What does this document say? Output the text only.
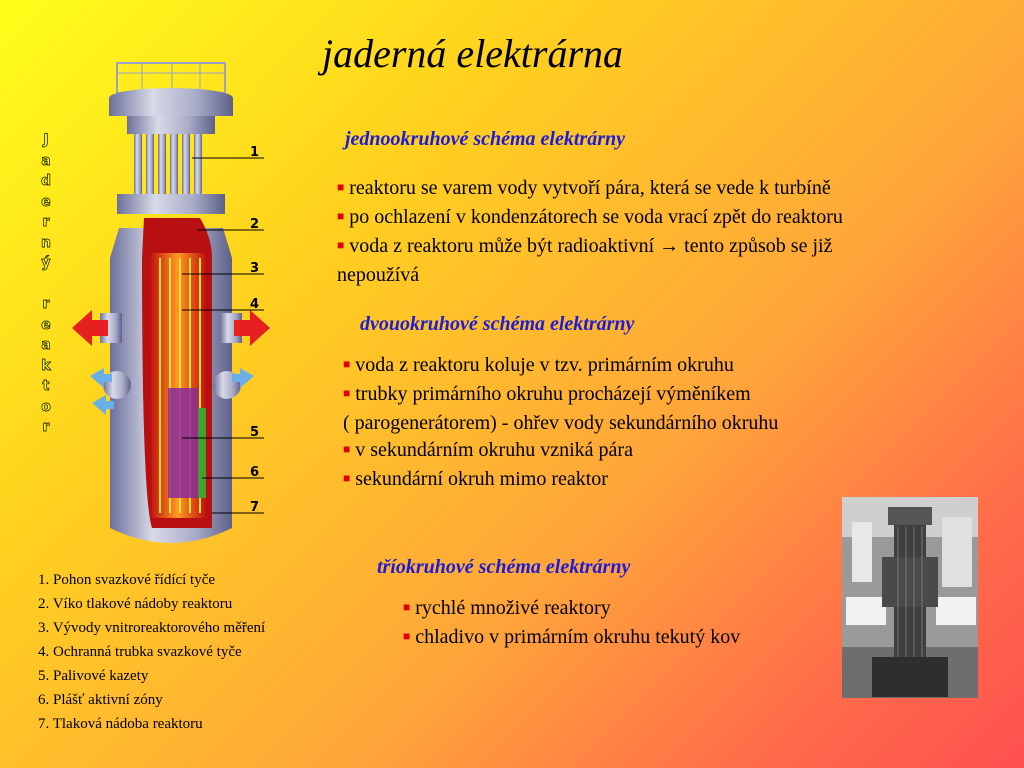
jaderná elektrárna
J
a
d
e
r
n
ý

r
e
a
k
t
o
r
1
2
3
4
5
6
7
jednookruhové schéma elektrárny
■ reaktoru se varem vody vytvoří pára, která se vede k turbíně
■ po ochlazení v kondenzátorech se voda vrací zpět do reaktoru
■ voda z reaktoru může být radioaktivní → tento způsob se již
nepoužívá
dvouokruhové schéma elektrárny
■ voda z reaktoru koluje v tzv. primárním okruhu
■ trubky primárního okruhu procházejí výměníkem
( parogenerátorem) - ohřev vody sekundárního okruhu
■ v sekundárním okruhu vzniká pára
■ sekundární okruh mimo reaktor
tříokruhové schéma elektrárny
■ rychlé množivé reaktory
■ chladivo v primárním okruhu tekutý kov
1. Pohon svazkové řídící tyče
2. Víko tlakové nádoby reaktoru
3. Vývody vnitroreaktorového měření
4. Ochranná trubka svazkové tyče
5. Palivové kazety
6. Plášť aktivní zóny
7. Tlaková nádoba reaktoru
